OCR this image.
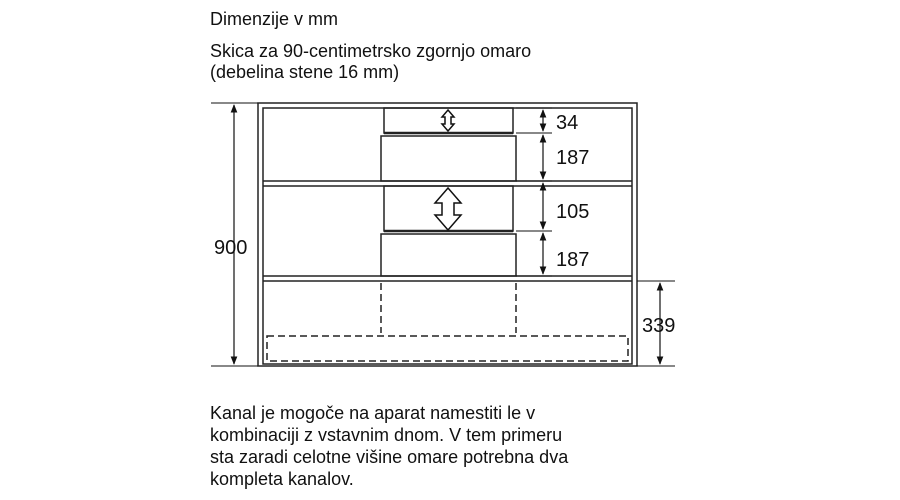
Dimenzije v mm
Skica za 90-centimetrsko zgornjo omaro
(debelina stene 16 mm)
900
34
187
105
187
339
Kanal je mogoče na aparat namestiti le v
kombinaciji z vstavnim dnom. V tem primeru
sta zaradi celotne višine omare potrebna dva
kompleta kanalov.
